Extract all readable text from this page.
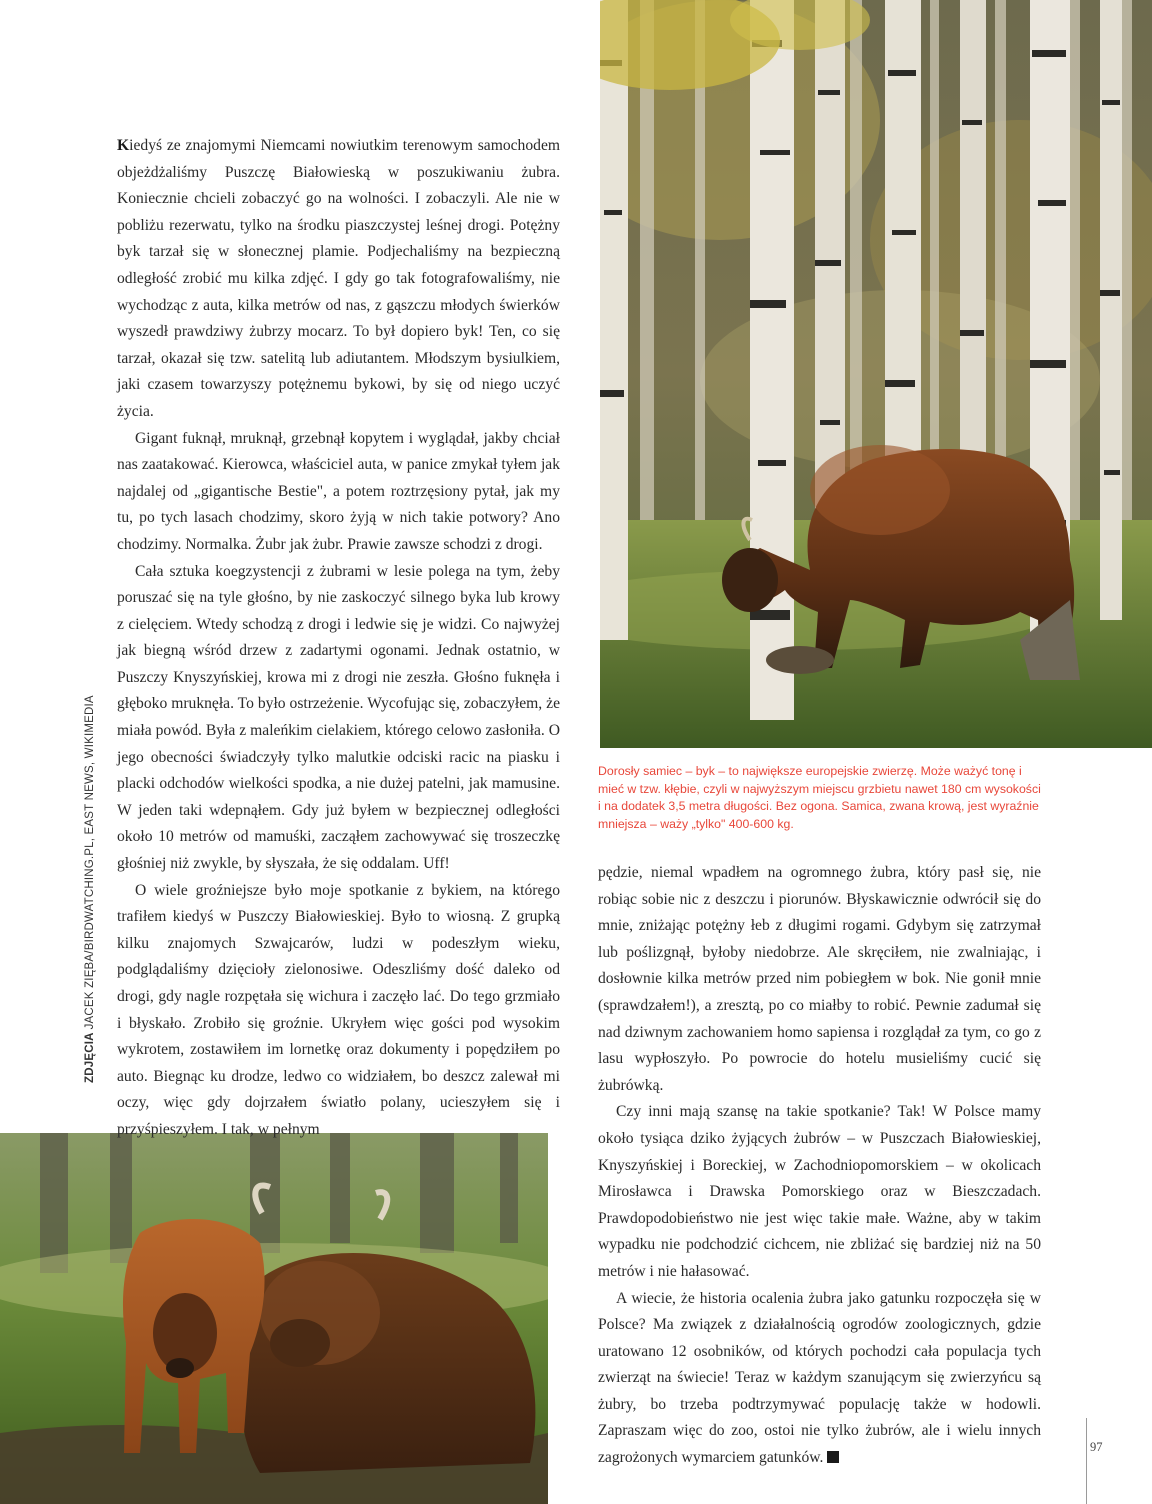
Kiedyś ze znajomymi Niemcami nowiutkim terenowym samochodem objeżdżaliśmy Puszczę Białowieską w poszukiwaniu żubra. Koniecznie chcieli zobaczyć go na wolności. I zobaczyli. Ale nie w pobliżu rezerwatu, tylko na środku piaszczystej leśnej drogi. Potężny byk tarzał się w słonecznej plamie. Podjechaliśmy na bezpieczną odległość zrobić mu kilka zdjęć. I gdy go tak fotografowaliśmy, nie wychodząc z auta, kilka metrów od nas, z gąszczu młodych świerków wyszedł prawdziwy żubrzy mocarz. To był dopiero byk! Ten, co się tarzał, okazał się tzw. satelitą lub adiutantem. Młodszym bysiulkiem, jaki czasem towarzyszy potężnemu bykowi, by się od niego uczyć życia.

Gigant fuknął, mruknął, grzebnął kopytem i wyglądał, jakby chciał nas zaatakować. Kierowca, właściciel auta, w panice zmykał tyłem jak najdalej od „gigantische Bestie", a potem roztrzęsiony pytał, jak my tu, po tych lasach chodzimy, skoro żyją w nich takie potwory? Ano chodzimy. Normalka. Żubr jak żubr. Prawie zawsze schodzi z drogi.

Cała sztuka koegzystencji z żubrami w lesie polega na tym, żeby poruszać się na tyle głośno, by nie zaskoczyć silnego byka lub krowy z cielęciem. Wtedy schodzą z drogi i ledwie się je widzi. Co najwyżej jak biegną wśród drzew z zadartymi ogonami. Jednak ostatnio, w Puszczy Knyszyńskiej, krowa mi z drogi nie zeszła. Głośno fuknęła i głęboko mruknęła. To było ostrzeżenie. Wycofując się, zobaczyłem, że miała powód. Była z maleńkim cielakiem, którego celowo zasłoniła. O jego obecności świadczyły tylko malutkie odciski racic na piasku i placki odchodów wielkości spodka, a nie dużej patelni, jak mamusine. W jeden taki wdepnąłem. Gdy już byłem w bezpiecznej odległości około 10 metrów od mamuśki, zacząłem zachowywać się troszeczkę głośniej niż zwykle, by słyszała, że się oddalam. Uff!

O wiele groźniejsze było moje spotkanie z bykiem, na którego trafiłem kiedyś w Puszczy Białowieskiej. Było to wiosną. Z grupką kilku znajomych Szwajcarów, ludzi w podeszłym wieku, podglądaliśmy dzięcioły zielonosiwe. Odeszliśmy dość daleko od drogi, gdy nagle rozpętała się wichura i zaczęło lać. Do tego grzmiało i błyskało. Zrobiło się groźnie. Ukryłem więc gości pod wysokim wykrotem, zostawiłem im lornetkę oraz dokumenty i popędziłem po auto. Biegnąc ku drodze, ledwo co widziałem, bo deszcz zalewał mi oczy, więc gdy dojrzałem światło polany, ucieszyłem się i przyśpieszyłem. I tak, w pełnym

Dorosły samiec – byk – to największe europejskie zwierzę. Może ważyć tonę i mieć w tzw. kłębie, czyli w najwyższym miejscu grzbietu nawet 180 cm wysokości i na dodatek 3,5 metra długości. Bez ogona. Samica, zwana krową, jest wyraźnie mniejsza – waży „tylko" 400-600 kg.

pędzie, niemal wpadłem na ogromnego żubra, który pasł się, nie robiąc sobie nic z deszczu i piorunów. Błyskawicznie odwrócił się do mnie, zniżając potężny łeb z długimi rogami. Gdybym się zatrzymał lub poślizgnął, byłoby niedobrze. Ale skręciłem, nie zwalniając, i dosłownie kilka metrów przed nim pobiegłem w bok. Nie gonił mnie (sprawdzałem!), a zresztą, po co miałby to robić. Pewnie zadumał się nad dziwnym zachowaniem homo sapiensa i rozglądał za tym, co go z lasu wypłoszyło. Po powrocie do hotelu musieliśmy cucić się żubrówką.

Czy inni mają szansę na takie spotkanie? Tak! W Polsce mamy około tysiąca dziko żyjących żubrów – w Puszczach Białowieskiej, Knyszyńskiej i Boreckiej, w Zachodniopomorskiem – w okolicach Mirosławca i Drawska Pomorskiego oraz w Bieszczadach. Prawdopodobieństwo nie jest więc takie małe. Ważne, aby w takim wypadku nie podchodzić cichcem, nie zbliżać się bardziej niż na 50 metrów i nie hałasować.

A wiecie, że historia ocalenia żubra jako gatunku rozpoczęła się w Polsce? Ma związek z działalnością ogrodów zoologicznych, gdzie uratowano 12 osobników, od których pochodzi cała populacja tych zwierząt na świecie! Teraz w każdym szanującym się zwierzyńcu są żubry, bo trzeba podtrzymywać populację także w hodowli. Zapraszam więc do zoo, ostoi nie tylko żubrów, ale i wielu innych zagrożonych wymarciem gatunków.

ZDJĘCIAJACEK ZIĘBA/BIRDWATCHING.PL, EAST NEWS, WIKIMEDIA
97
